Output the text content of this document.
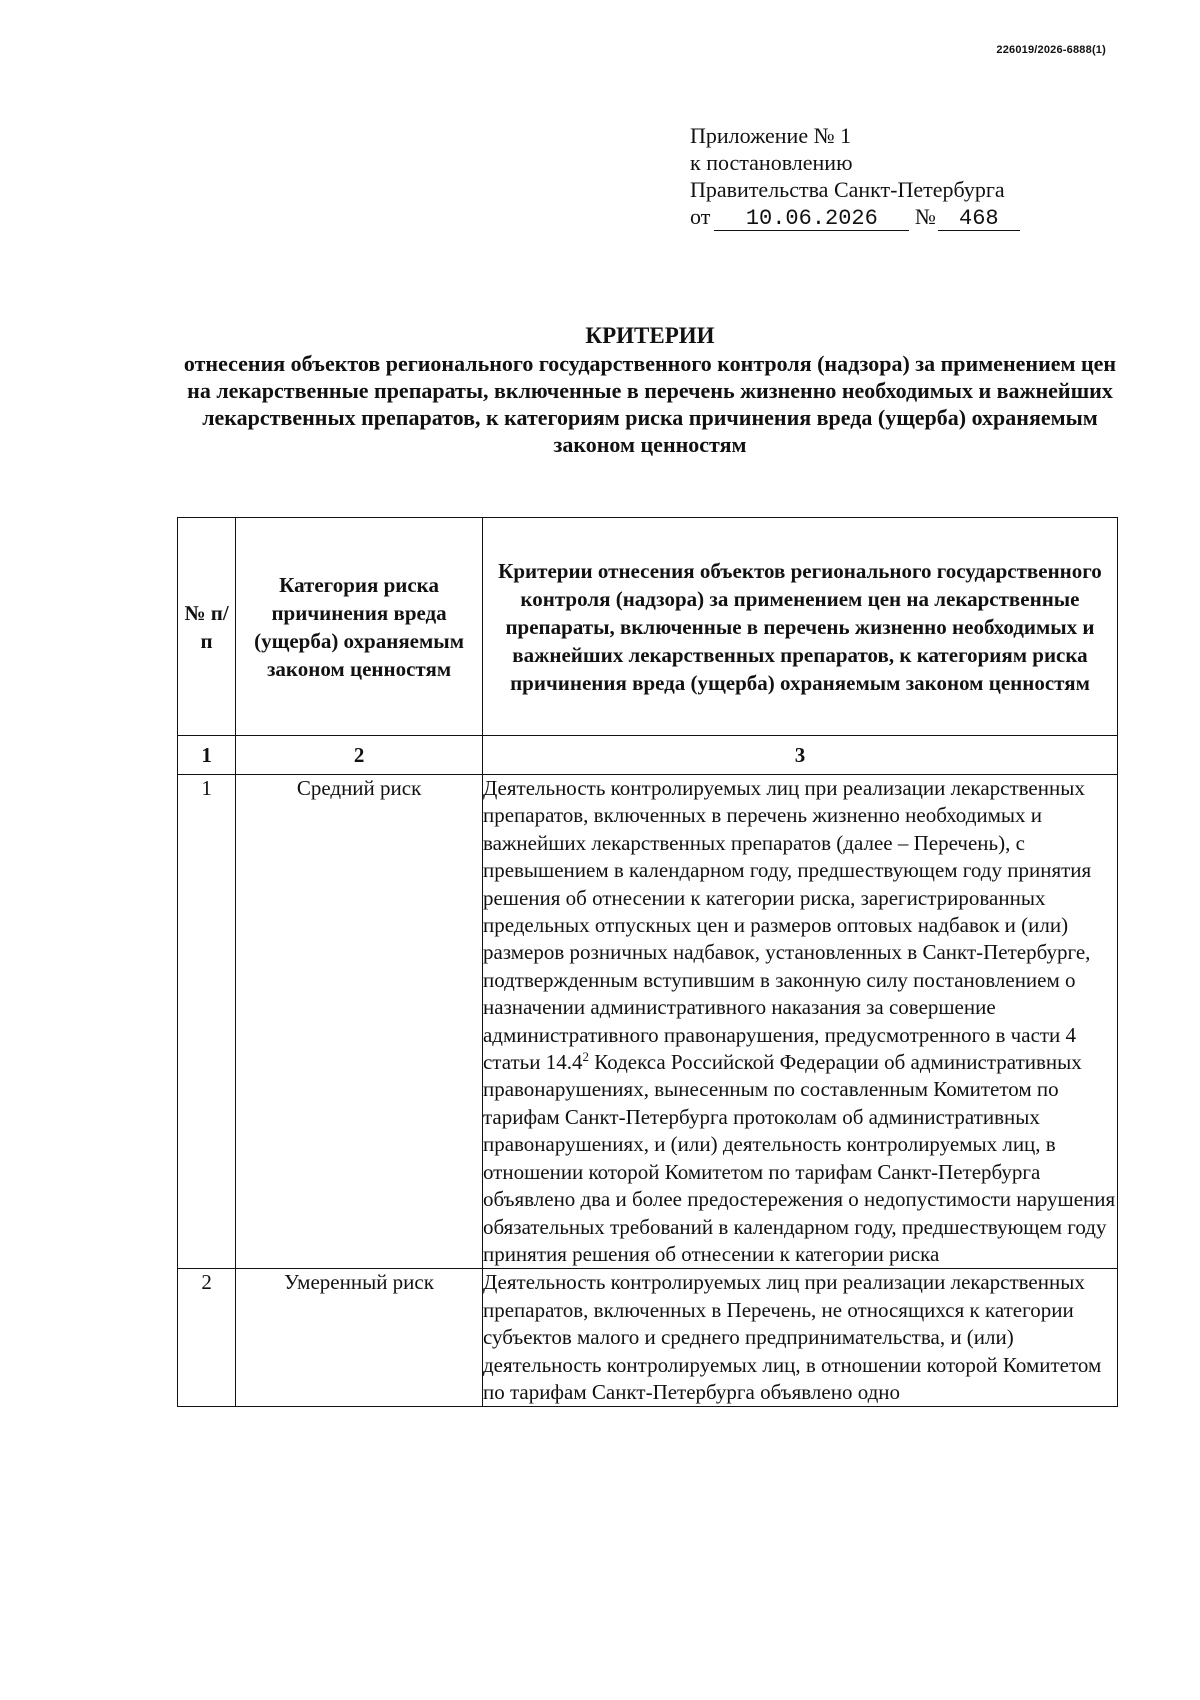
226019/2026-6888(1)
Приложение № 1
к постановлению
Правительства Санкт-Петербурга
от 10.06.2026 № 468
КРИТЕРИИ
отнесения объектов регионального государственного контроля (надзора) за применением цен на лекарственные препараты, включенные в перечень жизненно необходимых и важнейших лекарственных препаратов, к категориям риска причинения вреда (ущерба) охраняемым законом ценностям
№ п/п	Категория риска причинения вреда (ущерба) охраняемым законом ценностям	Критерии отнесения объектов регионального государственного контроля (надзора) за применением цен на лекарственные препараты, включенные в перечень жизненно необходимых и важнейших лекарственных препаратов, к категориям риска причинения вреда (ущерба) охраняемым законом ценностям
1	2	3
1	Средний риск	Деятельность контролируемых лиц при реализации лекарственных препаратов, включенных в перечень жизненно необходимых и важнейших лекарственных препаратов (далее – Перечень), с превышением в календарном году, предшествующем году принятия решения об отнесении к категории риска, зарегистрированных предельных отпускных цен и размеров оптовых надбавок и (или) размеров розничных надбавок, установленных в Санкт-Петербурге, подтвержденным вступившим в законную силу постановлением о назначении административного наказания за совершение административного правонарушения, предусмотренного в части 4 статьи 14.4$^2$ Кодекса Российской Федерации об административных правонарушениях, вынесенным по составленным Комитетом по тарифам Санкт-Петербурга протоколам об административных правонарушениях, и (или) деятельность контролируемых лиц, в отношении которой Комитетом по тарифам Санкт-Петербурга объявлено два и более предостережения о недопустимости нарушения обязательных требований в календарном году, предшествующем году принятия решения об отнесении к категории риска
2	Умеренный риск	Деятельность контролируемых лиц при реализации лекарственных препаратов, включенных в Перечень, не относящихся к категории субъектов малого и среднего предпринимательства, и (или) деятельность контролируемых лиц, в отношении которой Комитетом по тарифам Санкт-Петербурга объявлено одно
